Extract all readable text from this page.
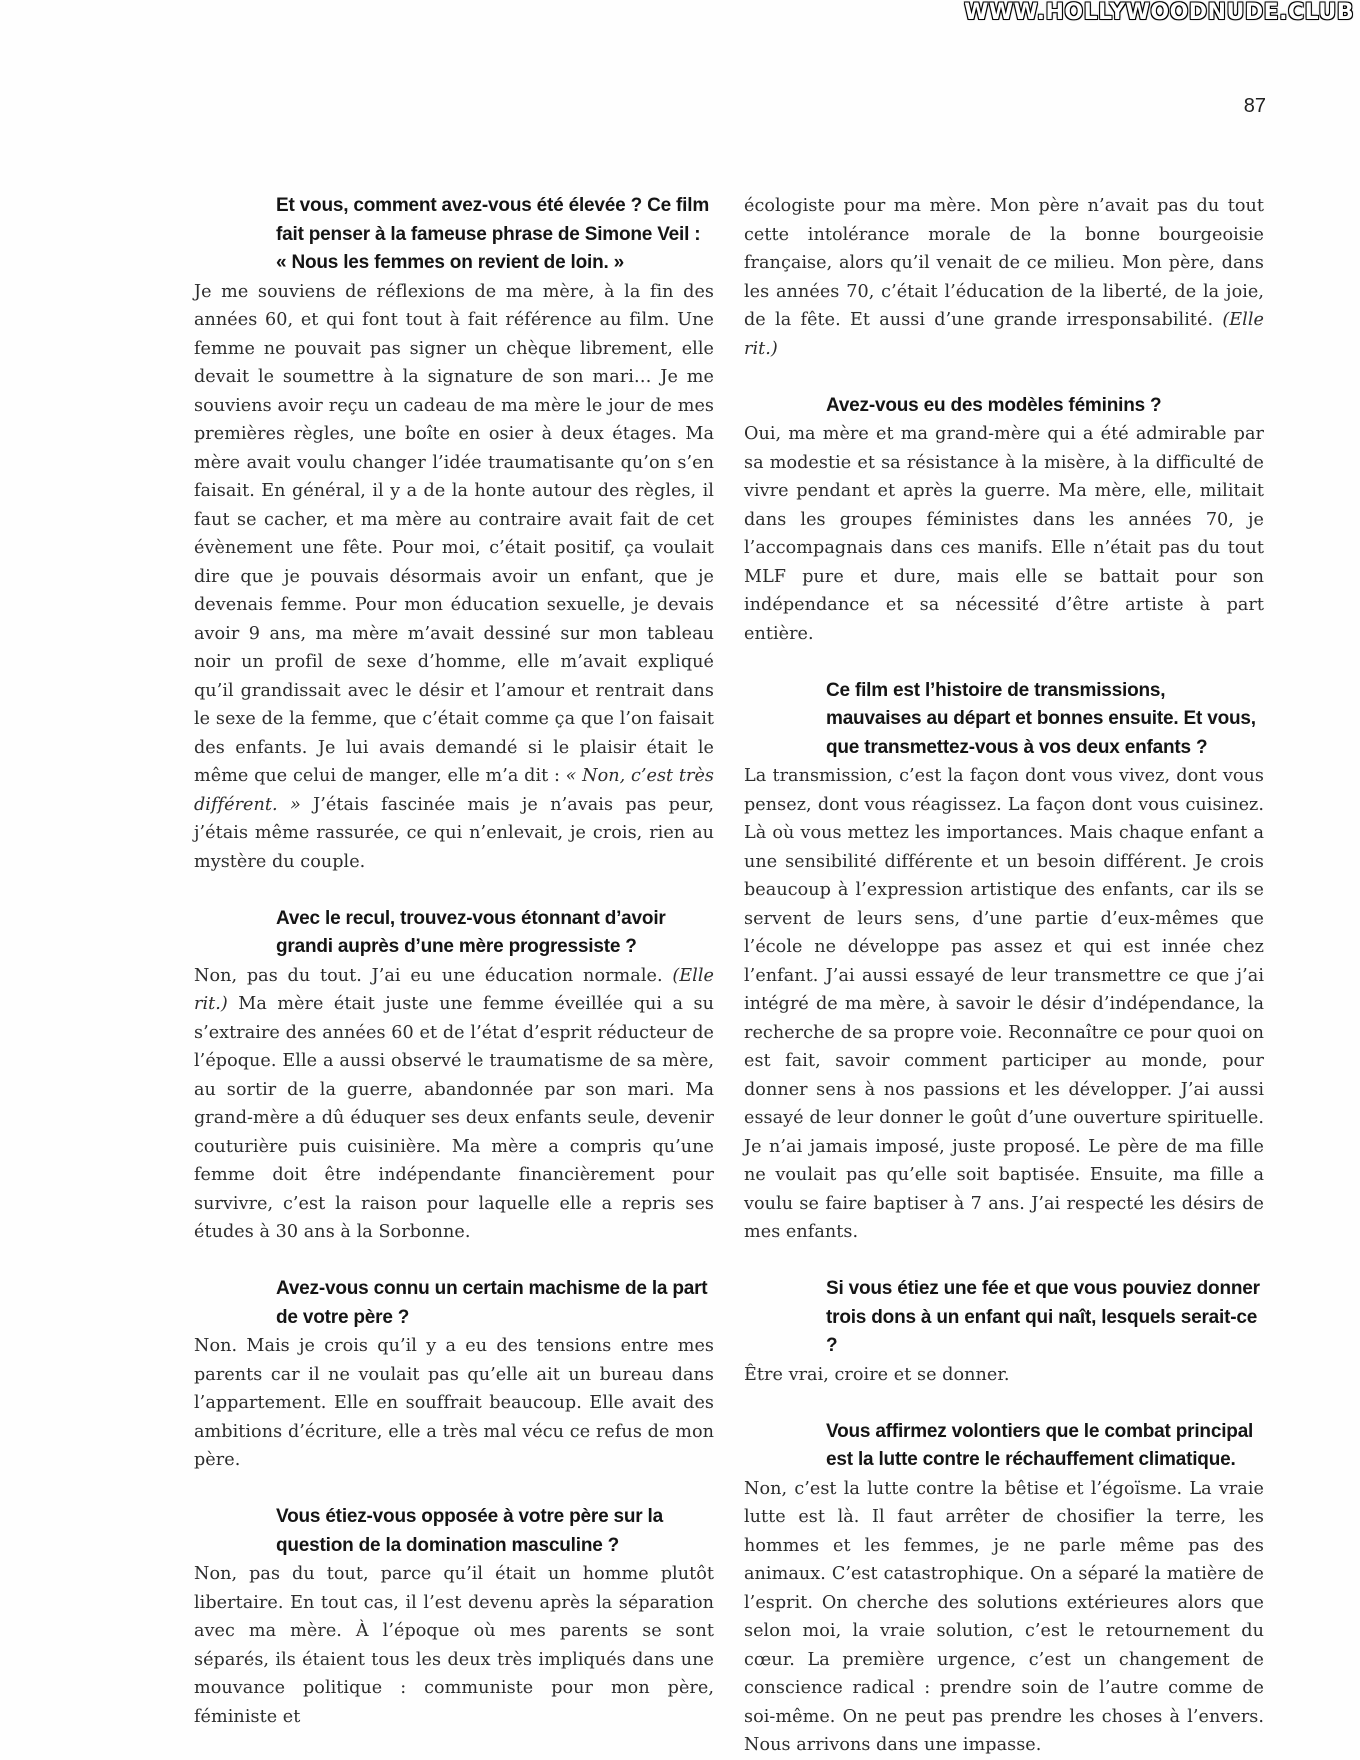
WWW.HOLLYWOODNUDE.CLUB
87

Et vous, comment avez-vous été élevée ? Ce film fait penser à la fameuse phrase de Simone Veil : « Nous les femmes on revient de loin. »

Je me souviens de réflexions de ma mère, à la fin des années 60, et qui font tout à fait référence au film. Une femme ne pouvait pas signer un chèque librement, elle devait le soumettre à la signature de son mari… Je me souviens avoir reçu un cadeau de ma mère le jour de mes premières règles, une boîte en osier à deux étages. Ma mère avait voulu changer l’idée traumatisante qu’on s’en faisait. En général, il y a de la honte autour des règles, il faut se cacher, et ma mère au contraire avait fait de cet évènement une fête. Pour moi, c’était positif, ça voulait dire que je pouvais désormais avoir un enfant, que je devenais femme. Pour mon éducation sexuelle, je devais avoir 9 ans, ma mère m’avait dessiné sur mon tableau noir un profil de sexe d’homme, elle m’avait expliqué qu’il grandissait avec le désir et l’amour et rentrait dans le sexe de la femme, que c’était comme ça que l’on faisait des enfants. Je lui avais demandé si le plaisir était le même que celui de manger, elle m’a dit : « Non, c’est très différent. » J’étais fascinée mais je n’avais pas peur, j’étais même rassurée, ce qui n’enlevait, je crois, rien au mystère du couple.

Avec le recul, trouvez-vous étonnant d’avoir grandi auprès d’une mère progressiste ?

Non, pas du tout. J’ai eu une éducation normale. (Elle rit.) Ma mère était juste une femme éveillée qui a su s’extraire des années 60 et de l’état d’esprit réducteur de l’époque. Elle a aussi observé le traumatisme de sa mère, au sortir de la guerre, abandonnée par son mari. Ma grand-mère a dû éduquer ses deux enfants seule, devenir couturière puis cuisinière. Ma mère a compris qu’une femme doit être indépendante financièrement pour survivre, c’est la raison pour laquelle elle a repris ses études à 30 ans à la Sorbonne.

Avez-vous connu un certain machisme de la part de votre père ?

Non. Mais je crois qu’il y a eu des tensions entre mes parents car il ne voulait pas qu’elle ait un bureau dans l’appartement. Elle en souffrait beaucoup. Elle avait des ambitions d’écriture, elle a très mal vécu ce refus de mon père.

Vous étiez-vous opposée à votre père sur la question de la domination masculine ?

Non, pas du tout, parce qu’il était un homme plutôt libertaire. En tout cas, il l’est devenu après la séparation avec ma mère. À l’époque où mes parents se sont séparés, ils étaient tous les deux très impliqués dans une mouvance politique : communiste pour mon père, féministe et

écologiste pour ma mère. Mon père n’avait pas du tout cette intolérance morale de la bonne bourgeoisie française, alors qu’il venait de ce milieu. Mon père, dans les années 70, c’était l’éducation de la liberté, de la joie, de la fête. Et aussi d’une grande irresponsabilité. (Elle rit.)

Avez-vous eu des modèles féminins ?

Oui, ma mère et ma grand-mère qui a été admirable par sa modestie et sa résistance à la misère, à la difficulté de vivre pendant et après la guerre. Ma mère, elle, militait dans les groupes féministes dans les années 70, je l’accompagnais dans ces manifs. Elle n’était pas du tout MLF pure et dure, mais elle se battait pour son indépendance et sa nécessité d’être artiste à part entière.

Ce film est l’histoire de transmissions, mauvaises au départ et bonnes ensuite. Et vous, que transmettez-vous à vos deux enfants ?

La transmission, c’est la façon dont vous vivez, dont vous pensez, dont vous réagissez. La façon dont vous cuisinez. Là où vous mettez les importances. Mais chaque enfant a une sensibilité différente et un besoin différent. Je crois beaucoup à l’expression artistique des enfants, car ils se servent de leurs sens, d’une partie d’eux-mêmes que l’école ne développe pas assez et qui est innée chez l’enfant. J’ai aussi essayé de leur transmettre ce que j’ai intégré de ma mère, à savoir le désir d’indépendance, la recherche de sa propre voie. Reconnaître ce pour quoi on est fait, savoir comment participer au monde, pour donner sens à nos passions et les développer. J’ai aussi essayé de leur donner le goût d’une ouverture spirituelle. Je n’ai jamais imposé, juste proposé. Le père de ma fille ne voulait pas qu’elle soit baptisée. Ensuite, ma fille a voulu se faire baptiser à 7 ans. J’ai respecté les désirs de mes enfants.

Si vous étiez une fée et que vous pouviez donner trois dons à un enfant qui naît, lesquels serait-ce ?

Être vrai, croire et se donner.

Vous affirmez volontiers que le combat principal est la lutte contre le réchauffement climatique.

Non, c’est la lutte contre la bêtise et l’égoïsme. La vraie lutte est là. Il faut arrêter de chosifier la terre, les hommes et les femmes, je ne parle même pas des animaux. C’est catastrophique. On a séparé la matière de l’esprit. On cherche des solutions extérieures alors que selon moi, la vraie solution, c’est le retournement du cœur. La première urgence, c’est un changement de conscience radical : prendre soin de l’autre comme de soi-même. On ne peut pas prendre les choses à l’envers. Nous arrivons dans une impasse.
